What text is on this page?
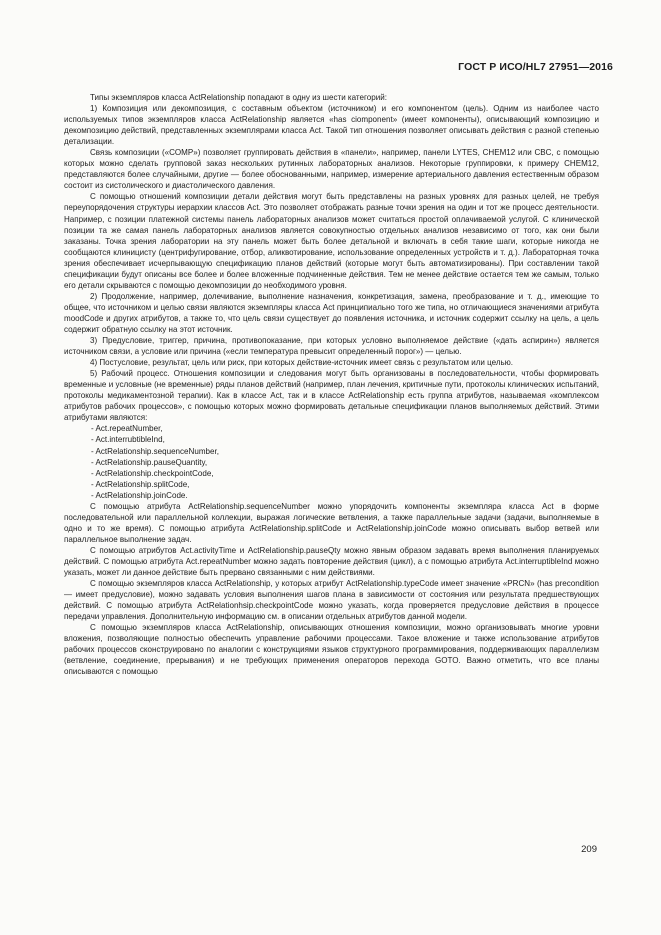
ГОСТ Р ИСО/HL7 27951—2016

Типы экземпляров класса ActRelationship попадают в одну из шести категорий:

1) Композиция или декомпозиция, с составным объектом (источником) и его компонентом (цель). Одним из наиболее часто используемых типов экземпляров класса ActRelationship является «has ciomponent» (имеет компоненты), описывающий композицию и декомпозицию действий, представленных экземплярами класса Act. Такой тип отношения позволяет описывать действия с разной степенью детализации.

Связь композиции («COMP») позволяет группировать действия в «панели», например, панели LYTES, CHEM12 или CBC, с помощью которых можно сделать групповой заказ нескольких рутинных лабораторных анализов. Некоторые группировки, к примеру CHEM12, представляются более случайными, другие — более обоснованными, например, измерение артериального давления естественным образом состоит из систолического и диастолического давления.

С помощью отношений композиции детали действия могут быть представлены на разных уровнях для разных целей, не требуя переупорядочения структуры иерархии классов Act. Это позволяет отображать разные точки зрения на один и тот же процесс деятельности. Например, с позиции платежной системы панель лабораторных анализов может считаться простой оплачиваемой услугой. С клинической позиции та же самая панель лабораторных анализов является совокупностью отдельных анализов независимо от того, как они были заказаны. Точка зрения лаборатории на эту панель может быть более детальной и включать в себя такие шаги, которые никогда не сообщаются клиницисту (центрифугирование, отбор, аликвотирование, использование определенных устройств и т. д.). Лабораторная точка зрения обеспечивает исчерпывающую спецификацию планов действий (которые могут быть автоматизированы). При составлении такой спецификации будут описаны все более и более вложенные подчиненные действия. Тем не менее действие остается тем же самым, только его детали скрываются с помощью декомпозиции до необходимого уровня.

2) Продолжение, например, долечивание, выполнение назначения, конкретизация, замена, преобразование и т. д., имеющие то общее, что источником и целью связи являются экземпляры класса Act принципиально того же типа, но отличающиеся значениями атрибута moodCode и других атрибутов, а также то, что цель связи существует до появления источника, и источник содержит ссылку на цель, а цель содержит обратную ссылку на этот источник.

3) Предусловие, триггер, причина, противопоказание, при которых условно выполняемое действие («дать аспирин») является источником связи, а условие или причина («если температура превысит определенный порог») — целью.

4) Постусловие, результат, цель или риск, при которых действие-источник имеет связь с результатом или целью.

5) Рабочий процесс. Отношения композиции и следования могут быть организованы в последовательности, чтобы формировать временные и условные (не временные) ряды планов действий (например, план лечения, критичные пути, протоколы клинических испытаний, протоколы медикаментозной терапии). Как в классе Act, так и в классе ActRelationship есть группа атрибутов, называемая «комплексом атрибутов рабочих процессов», с помощью которых можно формировать детальные спецификации планов выполняемых действий. Этими атрибутами являются:

- Act.repeatNumber,
- Act.interrubtibleInd,
- ActRelationship.sequenceNumber,
- ActRelationship.pauseQuantity,
- ActRelationship.checkpointCode,
- ActRelationship.splitCode,
- ActRelationship.joinCode.

С помощью атрибута ActRelationship.sequenceNumber можно упорядочить компоненты экземпляра класса Act в форме последовательной или параллельной коллекции, выражая логические ветвления, а также параллельные задачи (задачи, выполняемые в одно и то же время). С помощью атрибута ActRelationship.splitCode и ActRelationship.joinCode можно описывать выбор ветвей или параллельное выполнение задач.

С помощью атрибутов Act.activityTime и ActRelationship.pauseQty можно явным образом задавать время выполнения планируемых действий. С помощью атрибута Act.repeatNumber можно задать повторение действия (цикл), а с помощью атрибута Act.interruptibleInd можно указать, может ли данное действие быть прервано связанными с ним действиями.

С помощью экземпляров класса ActRelationship, у которых атрибут ActRelationship.typeCode имеет значение «PRCN» (has precondition — имеет предусловие), можно задавать условия выполнения шагов плана в зависимости от состояния или результата предшествующих действий. С помощью атрибута ActRelationhsip.checkpointCode можно указать, когда проверяется предусловие действия в процессе передачи управления. Дополнительную информацию см. в описании отдельных атрибутов данной модели.

С помощью экземпляров класса ActRelationship, описывающих отношения композиции, можно организовывать многие уровни вложения, позволяющие полностью обеспечить управление рабочими процессами. Такое вложение и также использование атрибутов рабочих процессов сконструировано по аналогии с конструкциями языков структурного программирования, поддерживающих параллелизм (ветвление, соединение, прерывания) и не требующих применения операторов перехода GOTO. Важно отметить, что все планы описываются с помощью

209
